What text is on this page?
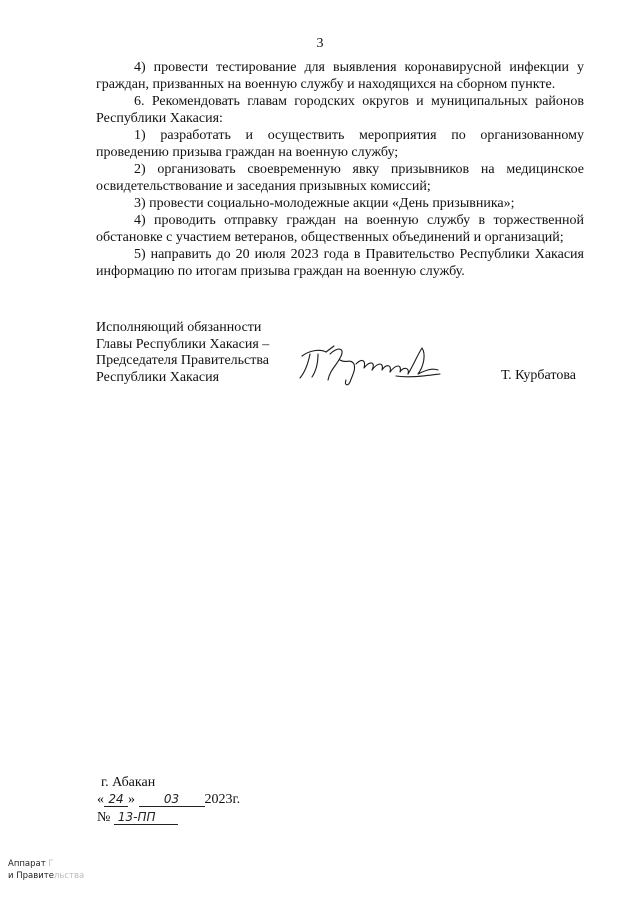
3

4) провести тестирование для выявления коронавирусной инфекции у граждан, призванных на военную службу и находящихся на сборном пункте.

6. Рекомендовать главам городских округов и муниципальных районов Республики Хакасия:

1) разработать и осуществить мероприятия по организованному проведению призыва граждан на военную службу;

2) организовать своевременную явку призывников на медицинское освидетельствование и заседания призывных комиссий;

3) провести социально-молодежные акции «День призывника»;

4) проводить отправку граждан на военную службу в торжественной обстановке с участием ветеранов, общественных объединений и организаций;

5) направить до 20 июля 2023 года в Правительство Республики Хакасия информацию по итогам призыва граждан на военную службу.

Исполняющий обязанности
Главы Республики Хакасия –
Председателя Правительства
Республики Хакасия	Т. Курбатова
г. Абакан
« 24 » 03 2023г.
№ 13-ПП
Аппарат Г
и Правительства
